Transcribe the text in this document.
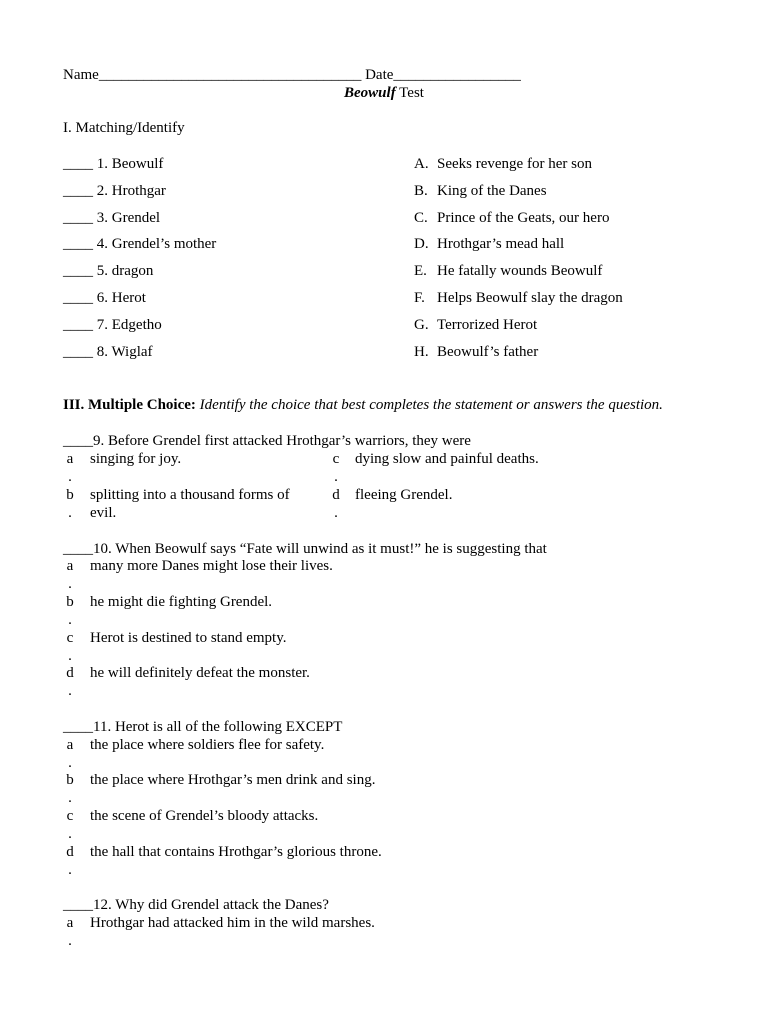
Name___________________________________ Date_________________
Beowulf Test
I. Matching/Identify
____ 1. Beowulf
____ 2. Hrothgar
____ 3. Grendel
____ 4. Grendel’s mother
____ 5. dragon
____ 6. Herot
____ 7. Edgetho
____ 8. Wiglaf
A. Seeks revenge for her son
B. King of the Danes
C. Prince of the Geats, our hero
D. Hrothgar’s mead hall
E. He fatally wounds Beowulf
F. Helps Beowulf slay the dragon
G. Terrorized Herot
H. Beowulf’s father
III. Multiple Choice: Identify the choice that best completes the statement or answers the question.
____9. Before Grendel first attacked Hrothgar’s warriors, they were
a
.
singing for joy.	c
.
dying slow and painful deaths.
b
.
splitting into a thousand forms of
evil.
d
.
fleeing Grendel.
____10. When Beowulf says “Fate will unwind as it must!” he is suggesting that
a
.
many more Danes might lose their lives.
b
.
he might die fighting Grendel.
c
.
Herot is destined to stand empty.
d
.
he will definitely defeat the monster.
____11. Herot is all of the following EXCEPT
a
.
the place where soldiers flee for safety.
b
.
the place where Hrothgar’s men drink and sing.
c
.
the scene of Grendel’s bloody attacks.
d
.
the hall that contains Hrothgar’s glorious throne.
____12. Why did Grendel attack the Danes?
a
.
Hrothgar had attacked him in the wild marshes.
